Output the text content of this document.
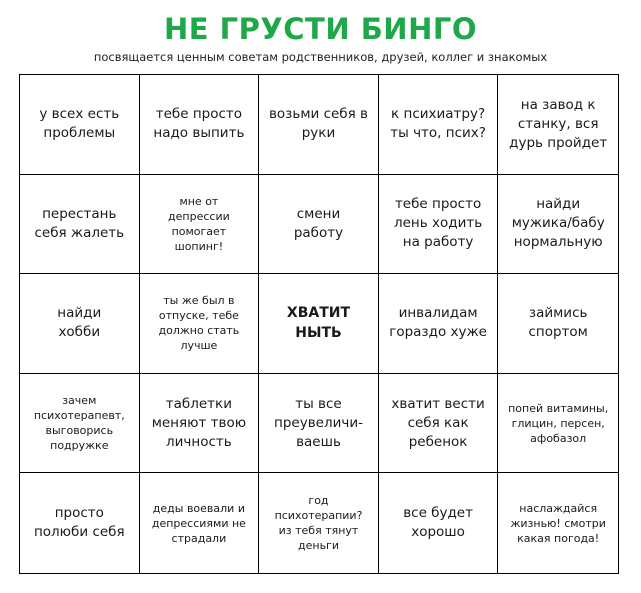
НЕ ГРУСТИ БИНГО
посвящается ценным советам родственников, друзей, коллег и знакомых
у всех есть
проблемы
тебе просто
надо выпить
возьми себя в
руки
к психиатру?
ты что, псих?
на завод к
станку, вся
дурь пройдет
перестань
себя жалеть
мне от
депрессии
помогает
шопинг!
смени
работу
тебе просто
лень ходить
на работу
найди
мужика/бабу
нормальную
найди
хобби
ты же был в
отпуске, тебе
должно стать
лучше
ХВАТИТ
НЫТЬ
инвалидам
гораздо хуже
займись
спортом
зачем
психотерапевт,
выговорись
подружке
таблетки
меняют твою
личность
ты все
преувеличи-
ваешь
хватит вести
себя как
ребенок
попей витамины,
глицин, персен,
афобазол
просто
полюби себя
деды воевали и
депрессиями не
страдали
год
психотерапии?
из тебя тянут
деньги
все будет
хорошо
наслаждайся
жизнью! смотри
какая погода!
